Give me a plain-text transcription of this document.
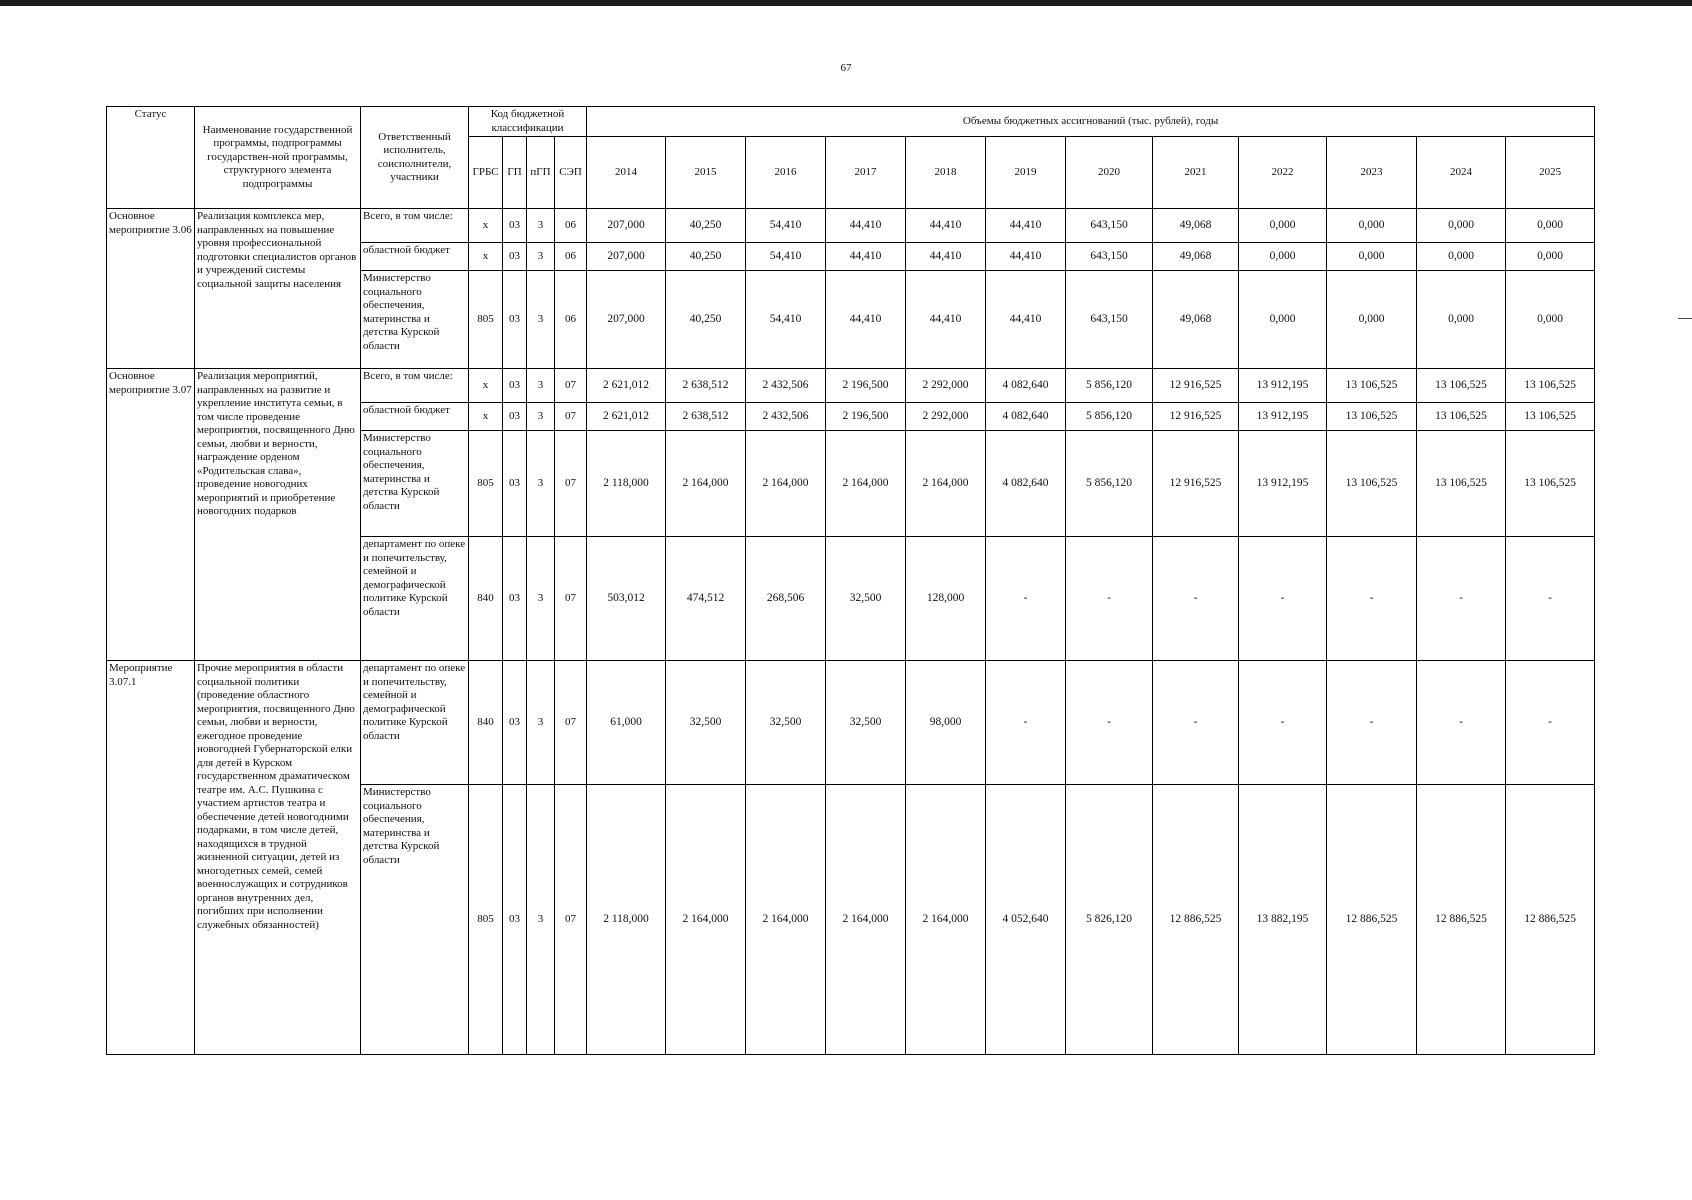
67
Статус	Наименование государственной программы, подпрограммы государствен-ной программы, структурного элемента подпрограммы	Ответственный исполнитель, соисполнители, участники	Код бюджетной классификации				Объемы бюджетных ассигнований (тыс. рублей), годы											
			ГРБС	ГП	пГП	СЭП	2014	2015	2016	2017	2018	2019	2020	2021	2022	2023	2024	2025
Основное мероприятие 3.06	Реализация комплекса мер, направленных на повышение уровня профессиональной подготовки специалистов органов и учреждений системы социальной защиты населения	Всего, в том числе:	х	03	3	06	207,000	40,250	54,410	44,410	44,410	44,410	643,150	49,068	0,000	0,000	0,000	0,000
		областной бюджет	х	03	3	06	207,000	40,250	54,410	44,410	44,410	44,410	643,150	49,068	0,000	0,000	0,000	0,000
		Министерство социального обеспечения, материнства и детства Курской области	805	03	3	06	207,000	40,250	54,410	44,410	44,410	44,410	643,150	49,068	0,000	0,000	0,000	0,000
Основное мероприятие 3.07	Реализация мероприятий, направленных на развитие и укрепление института семьи, в том числе проведение мероприятия, посвященного Дню семьи, любви и верности, награждение орденом «Родительская слава», проведение новогодних мероприятий и приобретение новогодних подарков	Всего, в том числе:	х	03	3	07	2 621,012	2 638,512	2 432,506	2 196,500	2 292,000	4 082,640	5 856,120	12 916,525	13 912,195	13 106,525	13 106,525	13 106,525
		областной бюджет	х	03	3	07	2 621,012	2 638,512	2 432,506	2 196,500	2 292,000	4 082,640	5 856,120	12 916,525	13 912,195	13 106,525	13 106,525	13 106,525
		Министерство социального обеспечения, материнства и детства Курской области	805	03	3	07	2 118,000	2 164,000	2 164,000	2 164,000	2 164,000	4 082,640	5 856,120	12 916,525	13 912,195	13 106,525	13 106,525	13 106,525
		департамент по опеке и попечительству, семейной и демографической политике Курской области	840	03	3	07	503,012	474,512	268,506	32,500	128,000	-	-	-	-	-	-	-
Мероприятие 3.07.1	Прочие мероприятия в области социальной политики (проведение областного мероприятия, посвященного Дню семьи, любви и верности, ежегодное проведение новогодней Губернаторской елки для детей в Курском государственном драматическом театре им. А.С. Пушкина с участием артистов театра и обеспечение детей новогодними подарками, в том числе детей, находящихся в трудной жизненной ситуации, детей из многодетных семей, семей военнослужащих и сотрудников органов внутренних дел, погибших при исполнении служебных обязанностей)	департамент по опеке и попечительству, семейной и демографической политике Курской области	840	03	3	07	61,000	32,500	32,500	32,500	98,000	-	-	-	-	-	-	-
		Министерство социального обеспечения, материнства и детства Курской области	805	03	3	07	2 118,000	2 164,000	2 164,000	2 164,000	2 164,000	4 052,640	5 826,120	12 886,525	13 882,195	12 886,525	12 886,525	12 886,525
